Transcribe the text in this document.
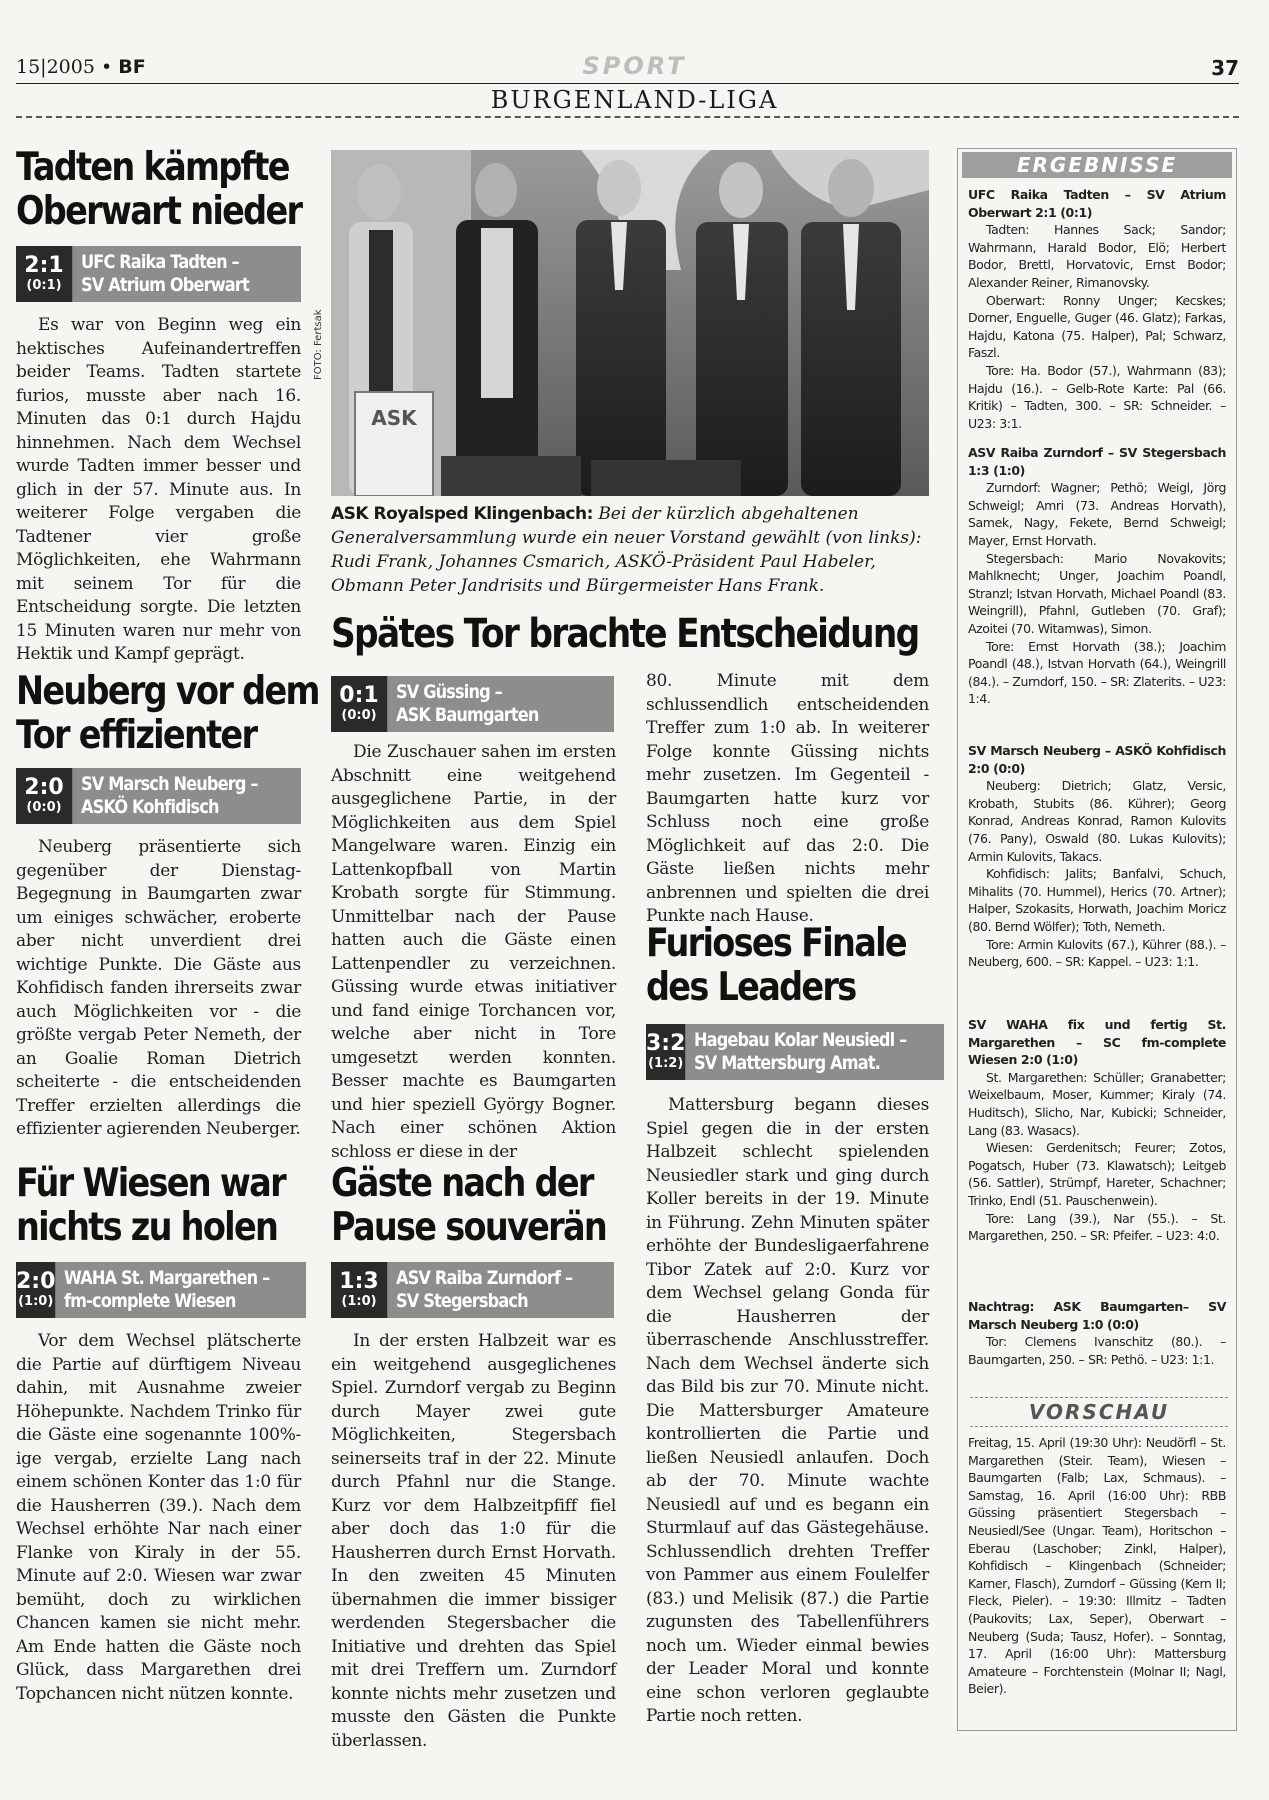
15|2005 • BF	SPORT	37
BURGENLAND-LIGA
Tadten kämpfte
Oberwart nieder
2:1
(0:1)
UFC Raika Tadten –
SV Atrium Oberwart

Es war von Beginn weg ein hektisches Aufeinandertreffen beider Teams. Tadten startete furios, musste aber nach 16. Minuten das 0:1 durch Hajdu hinnehmen. Nach dem Wechsel wurde Tadten immer besser und glich in der 57. Minute aus. In weiterer Folge vergaben die Tadtener vier große Möglichkeiten, ehe Wahrmann mit seinem Tor für die Entscheidung sorgte. Die letzten 15 Minuten waren nur mehr von Hektik und Kampf geprägt.

Neuberg vor dem
Tor effizienter
2:0
(0:0)
SV Marsch Neuberg –
ASKÖ Kohfidisch

Neuberg präsentierte sich gegenüber der Dienstag-Begegnung in Baumgarten zwar um einiges schwächer, eroberte aber nicht unverdient drei wichtige Punkte. Die Gäste aus Kohfidisch fanden ihrerseits zwar auch Möglichkeiten vor - die größte vergab Peter Nemeth, der an Goalie Roman Dietrich scheiterte - die entscheidenden Treffer erzielten allerdings die effizienter agierenden Neuberger.

Für Wiesen war
nichts zu holen
2:0
(1:0)
WAHA St. Margarethen –
fm-complete Wiesen

Vor dem Wechsel plätscherte die Partie auf dürftigem Niveau dahin, mit Ausnahme zweier Höhepunkte. Nachdem Trinko für die Gäste eine sogenannte 100%-ige vergab, erzielte Lang nach einem schönen Konter das 1:0 für die Hausherren (39.). Nach dem Wechsel erhöhte Nar nach einer Flanke von Kiraly in der 55. Minute auf 2:0. Wiesen war zwar bemüht, doch zu wirklichen Chancen kamen sie nicht mehr. Am Ende hatten die Gäste noch Glück, dass Margarethen drei Topchancen nicht nützen konnte.

ASK
FOTO: Fertsak
ASK Royalsped Klingenbach: Bei der kürzlich abgehaltenen Generalversammlung wurde ein neuer Vorstand gewählt (von links): Rudi Frank, Johannes Csmarich, ASKÖ-Präsident Paul Habeler, Obmann Peter Jandrisits und Bürgermeister Hans Frank.
Spätes Tor brachte Entscheidung
0:1
(0:0)
SV Güssing –
ASK Baumgarten

Die Zuschauer sahen im ersten Abschnitt eine weitgehend ausgeglichene Partie, in der Möglichkeiten aus dem Spiel Mangelware waren. Einzig ein Lattenkopfball von Martin Krobath sorgte für Stimmung. Unmittelbar nach der Pause hatten auch die Gäste einen Lattenpendler zu verzeichnen. Güssing wurde etwas initiativer und fand einige Torchancen vor, welche aber nicht in Tore umgesetzt werden konnten. Besser machte es Baumgarten und hier speziell György Bogner. Nach einer schönen Aktion schloss er diese in der

80. Minute mit dem schlussendlich entscheidenden Treffer zum 1:0 ab. In weiterer Folge konnte Güssing nichts mehr zusetzen. Im Gegenteil - Baumgarten hatte kurz vor Schluss noch eine große Möglichkeit auf das 2:0. Die Gäste ließen nichts mehr anbrennen und spielten die drei Punkte nach Hause.

Gäste nach der
Pause souverän
1:3
(1:0)
ASV Raiba Zurndorf –
SV Stegersbach

In der ersten Halbzeit war es ein weitgehend ausgeglichenes Spiel. Zurndorf vergab zu Beginn durch Mayer zwei gute Möglichkeiten, Stegersbach seinerseits traf in der 22. Minute durch Pfahnl nur die Stange. Kurz vor dem Halbzeitpfiff fiel aber doch das 1:0 für die Hausherren durch Ernst Horvath. In den zweiten 45 Minuten übernahmen die immer bissiger werdenden Stegersbacher die Initiative und drehten das Spiel mit drei Treffern um. Zurndorf konnte nichts mehr zusetzen und musste den Gästen die Punkte überlassen.

Furioses Finale
des Leaders
3:2
(1:2)
Hagebau Kolar Neusiedl –
SV Mattersburg Amat.

Mattersburg begann dieses Spiel gegen die in der ersten Halbzeit schlecht spielenden Neusiedler stark und ging durch Koller bereits in der 19. Minute in Führung. Zehn Minuten später erhöhte der Bundesligaerfahrene Tibor Zatek auf 2:0. Kurz vor dem Wechsel gelang Gonda für die Hausherren der überraschende Anschlusstreffer. Nach dem Wechsel änderte sich das Bild bis zur 70. Minute nicht. Die Mattersburger Amateure kontrollierten die Partie und ließen Neusiedl anlaufen. Doch ab der 70. Minute wachte Neusiedl auf und es begann ein Sturmlauf auf das Gästegehäuse. Schlussendlich drehten Treffer von Pammer aus einem Foulelfer (83.) und Melisik (87.) die Partie zugunsten des Tabellenführers noch um. Wieder einmal bewies der Leader Moral und konnte eine schon verloren geglaubte Partie noch retten.

ERGEBNISSE
UFC Raika Tadten – SV Atrium Oberwart 2:1 (0:1)

Tadten: Hannes Sack; Sandor; Wahrmann, Harald Bodor, Elö; Herbert Bodor, Brettl, Horvatovic, Ernst Bodor; Alexander Reiner, Rimanovsky.

Oberwart: Ronny Unger; Kecskes; Dorner, Enguelle, Guger (46. Glatz); Farkas, Hajdu, Katona (75. Halper), Pal; Schwarz, Faszl.

Tore: Ha. Bodor (57.), Wahrmann (83); Hajdu (16.). – Gelb-Rote Karte: Pal (66. Kritik) – Tadten, 300. – SR: Schneider. – U23: 3:1.

ASV Raiba Zurndorf – SV Stegersbach 1:3 (1:0)

Zurndorf: Wagner; Pethö; Weigl, Jörg Schweigl; Amri (73. Andreas Horvath), Samek, Nagy, Fekete, Bernd Schweigl; Mayer, Ernst Horvath.

Stegersbach: Mario Novakovits; Mahlknecht; Unger, Joachim Poandl, Stranzl; Istvan Horvath, Michael Poandl (83. Weingrill), Pfahnl, Gutleben (70. Graf); Azoitei (70. Witamwas), Simon.

Tore: Ernst Horvath (38.); Joachim Poandl (48.), Istvan Horvath (64.), Weingrill (84.). – Zurndorf, 150. – SR: Zlaterits. – U23: 1:4.

SV Marsch Neuberg – ASKÖ Kohfidisch 2:0 (0:0)

Neuberg: Dietrich; Glatz, Versic, Krobath, Stubits (86. Kührer); Georg Konrad, Andreas Konrad, Ramon Kulovits (76. Pany), Oswald (80. Lukas Kulovits); Armin Kulovits, Takacs.

Kohfidisch: Jalits; Banfalvi, Schuch, Mihalits (70. Hummel), Herics (70. Artner); Halper, Szokasits, Horwath, Joachim Moricz (80. Bernd Wölfer); Toth, Nemeth.

Tore: Armin Kulovits (67.), Kührer (88.). – Neuberg, 600. – SR: Kappel. – U23: 1:1.

SV WAHA fix und fertig St. Margarethen – SC fm-complete Wiesen 2:0 (1:0)

St. Margarethen: Schüller; Granabetter; Weixelbaum, Moser, Kummer; Kiraly (74. Huditsch), Slicho, Nar, Kubicki; Schneider, Lang (83. Wasacs).

Wiesen: Gerdenitsch; Feurer; Zotos, Pogatsch, Huber (73. Klawatsch); Leitgeb (56. Sattler), Strümpf, Hareter, Schachner; Trinko, Endl (51. Pauschenwein).

Tore: Lang (39.), Nar (55.). – St. Margarethen, 250. – SR: Pfeifer. – U23: 4:0.

Nachtrag: ASK Baumgarten– SV Marsch Neuberg 1:0 (0:0)

Tor: Clemens Ivanschitz (80.). – Baumgarten, 250. – SR: Pethö. – U23: 1:1.

VORSCHAU

Freitag, 15. April (19:30 Uhr): Neudörfl – St. Margarethen (Steir. Team), Wiesen – Baumgarten (Falb; Lax, Schmaus). – Samstag, 16. April (16:00 Uhr): RBB Güssing präsentiert Stegersbach – Neusiedl/See (Ungar. Team), Horitschon – Eberau (Laschober; Zinkl, Halper), Kohfidisch – Klingenbach (Schneider; Karner, Flasch), Zurndorf – Güssing (Kern II; Fleck, Pieler). – 19:30: Illmitz – Tadten (Paukovits; Lax, Seper), Oberwart – Neuberg (Suda; Tausz, Hofer). – Sonntag, 17. April (16:00 Uhr): Mattersburg Amateure – Forchtenstein (Molnar II; Nagl, Beier).
